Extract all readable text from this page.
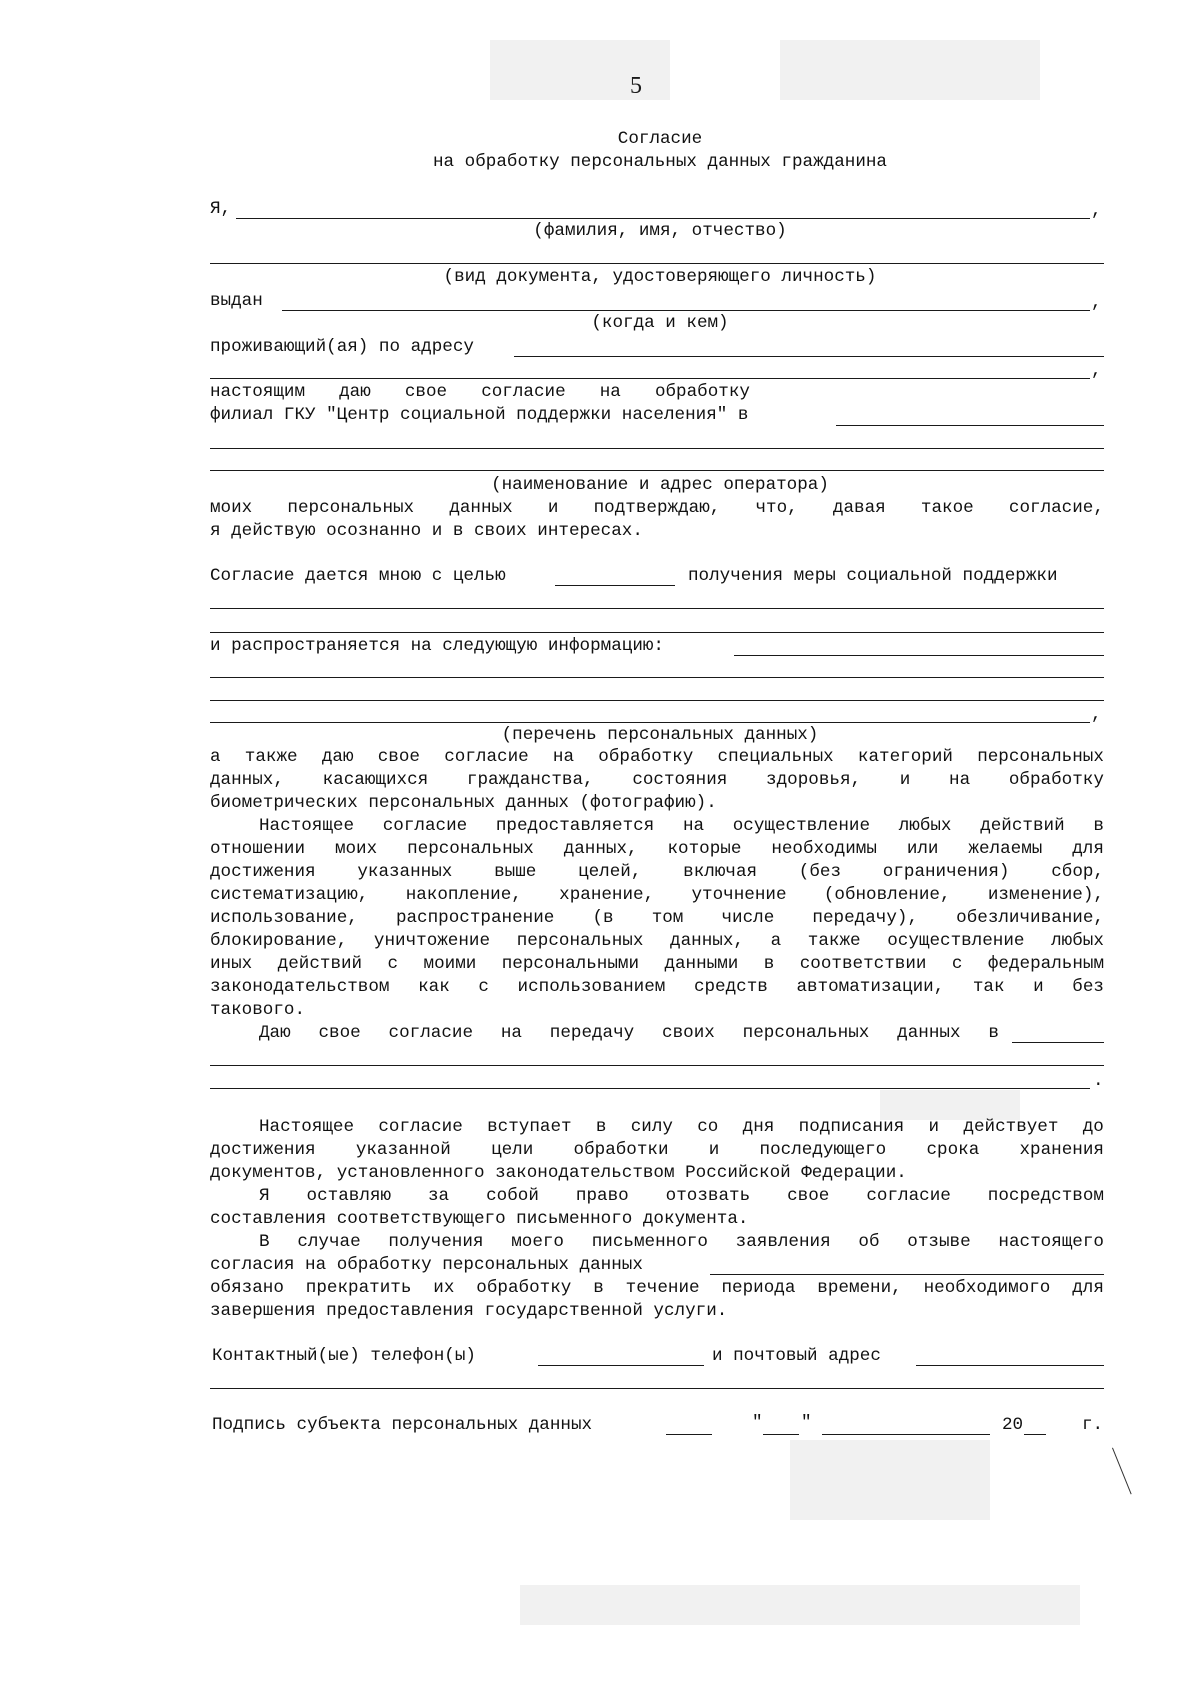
5
Согласие
на обработку персональных данных гражданина
Я,	,
(фамилия, имя, отчество)
(вид документа, удостоверяющего личность)
выдан	,
(когда и кем)
проживающий(ая) по адресу
,
настоящим даю свое согласие на обработку
филиал ГКУ "Центр социальной поддержки населения" в
(наименование и адрес оператора)
моих персональных данных и подтверждаю, что, давая такое согласие,
я действую осознанно и в своих интересах.
Согласие дается мною с целью	получения меры социальной поддержки
и распространяется на следующую информацию:
,
(перечень персональных данных)
а также даю свое согласие на обработку специальных категорий персональных
данных, касающихся гражданства, состояния здоровья, и на обработку
биометрических персональных данных (фотографию).
Настоящее согласие предоставляется на осуществление любых действий в
отношении моих персональных данных, которые необходимы или желаемы для
достижения указанных выше целей, включая (без ограничения) сбор,
систематизацию, накопление, хранение, уточнение (обновление, изменение),
использование, распространение (в том числе передачу), обезличивание,
блокирование, уничтожение персональных данных, а также осуществление любых
иных действий с моими персональными данными в соответствии с федеральным
законодательством как с использованием средств автоматизации, так и без
такового.
Даю свое согласие на передачу своих персональных данных в
.
Настоящее согласие вступает в силу со дня подписания и действует до
достижения указанной цели обработки и последующего срока хранения
документов, установленного законодательством Российской Федерации.
Я оставляю за собой право отозвать свое согласие посредством
составления соответствующего письменного документа.
В случае получения моего письменного заявления об отзыве настоящего
согласия на обработку персональных данных
обязано прекратить их обработку в течение периода времени, необходимого для
завершения предоставления государственной услуги.
Контактный(ые) телефон(ы)	и почтовый адрес
Подпись субъекта персональных данных	" "	20	г.
